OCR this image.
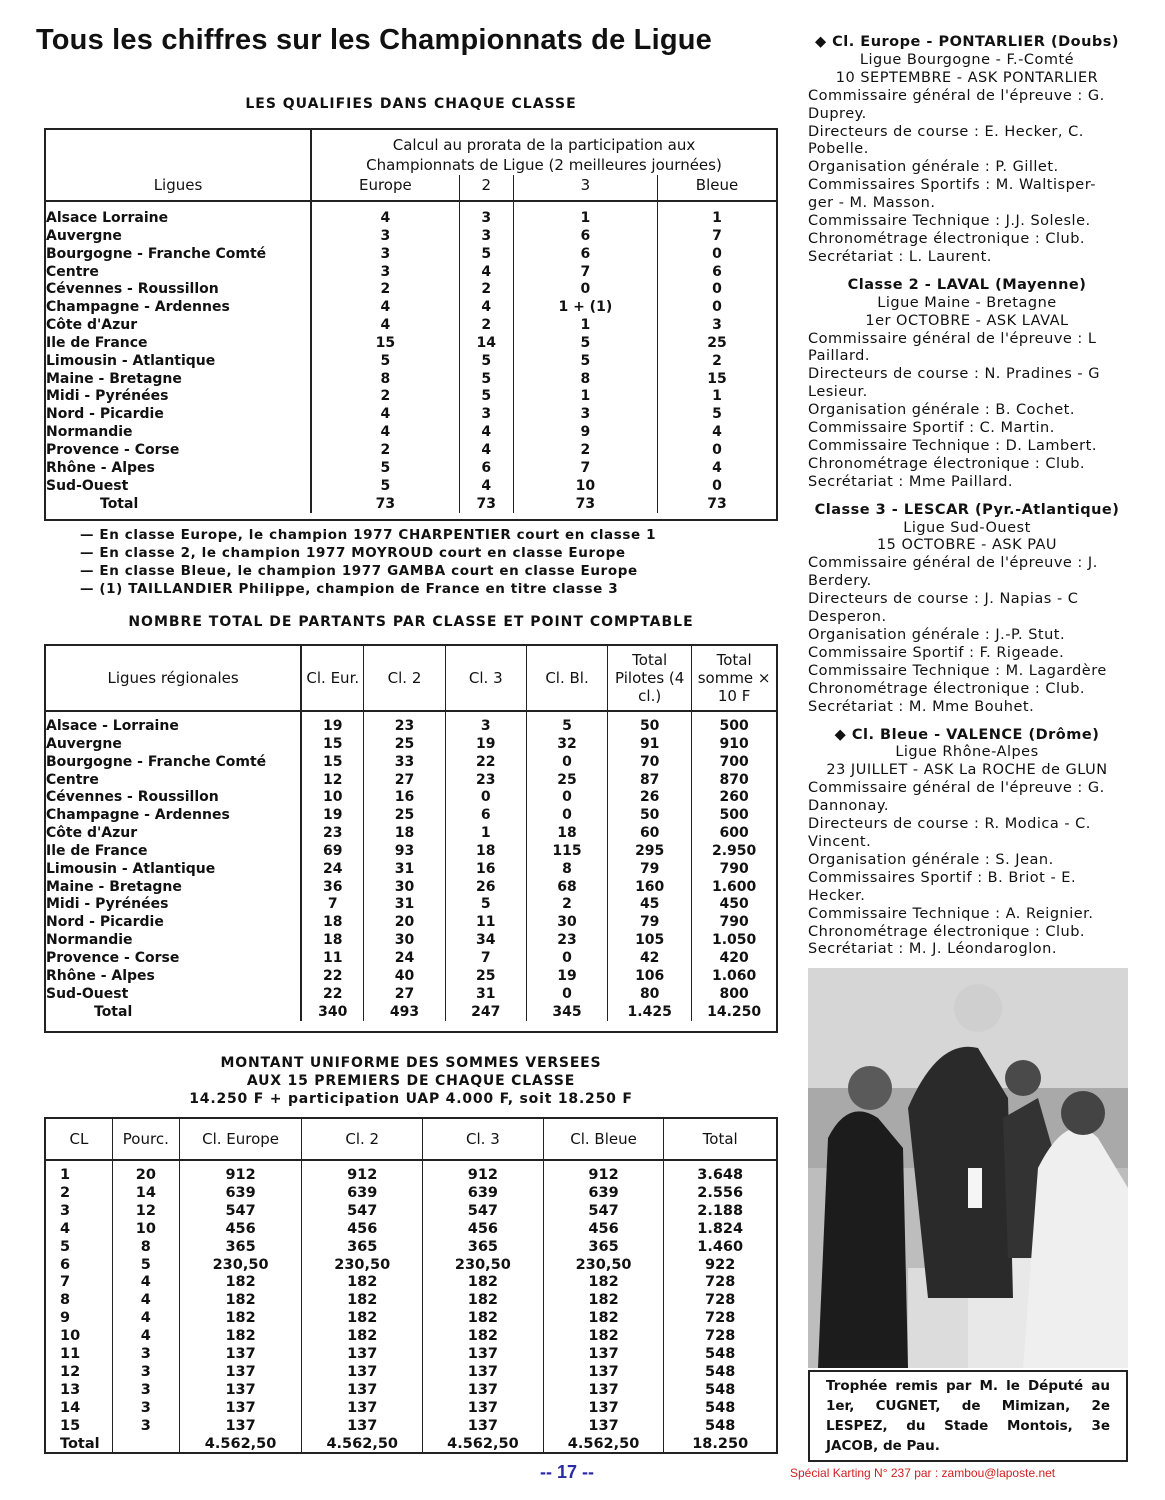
Tous les chiffres sur les Championnats de Ligue
LES QUALIFIES DANS CHAQUE CLASSE
Ligues	Calcul au prorata de la participation aux			
	Championnats de Ligue (2 meilleures journées)			
	Europe	2	3	Bleue
Alsace Lorraine	4	3	1	1
Auvergne	3	3	6	7
Bourgogne - Franche Comté	3	5	6	0
Centre	3	4	7	6
Cévennes - Roussillon	2	2	0	0
Champagne - Ardennes	4	4	1 + (1)	0
Côte d'Azur	4	2	1	3
Ile de France	15	14	5	25
Limousin - Atlantique	5	5	5	2
Maine - Bretagne	8	5	8	15
Midi - Pyrénées	2	5	1	1
Nord - Picardie	4	3	3	5
Normandie	4	4	9	4
Provence - Corse	2	4	2	0
Rhône - Alpes	5	6	7	4
Sud-Ouest	5	4	10	0
Total	73	73	73	73
— En classe Europe, le champion 1977 CHARPENTIER court en classe 1
— En classe 2, le champion 1977 MOYROUD court en classe Europe
— En classe Bleue, le champion 1977 GAMBA court en classe Europe
— (1) TAILLANDIER Philippe, champion de France en titre classe 3
NOMBRE TOTAL DE PARTANTS PAR CLASSE ET POINT COMPTABLE
Ligues régionales	Cl. Eur.	Cl. 2	Cl. 3	Cl. Bl.	Total Pilotes (4 cl.)	Total somme × 10 F
Alsace - Lorraine	19	23	3	5	50	500
Auvergne	15	25	19	32	91	910
Bourgogne - Franche Comté	15	33	22	0	70	700
Centre	12	27	23	25	87	870
Cévennes - Roussillon	10	16	0	0	26	260
Champagne - Ardennes	19	25	6	0	50	500
Côte d'Azur	23	18	1	18	60	600
Ile de France	69	93	18	115	295	2.950
Limousin - Atlantique	24	31	16	8	79	790
Maine - Bretagne	36	30	26	68	160	1.600
Midi - Pyrénées	7	31	5	2	45	450
Nord - Picardie	18	20	11	30	79	790
Normandie	18	30	34	23	105	1.050
Provence - Corse	11	24	7	0	42	420
Rhône - Alpes	22	40	25	19	106	1.060
Sud-Ouest	22	27	31	0	80	800
Total	340	493	247	345	1.425	14.250
MONTANT UNIFORME DES SOMMES VERSEES
AUX 15 PREMIERS DE CHAQUE CLASSE
14.250 F + participation UAP 4.000 F, soit 18.250 F
CL	Pourc.	Cl. Europe	Cl. 2	Cl. 3	Cl. Bleue	Total
1	20	912	912	912	912	3.648
2	14	639	639	639	639	2.556
3	12	547	547	547	547	2.188
4	10	456	456	456	456	1.824
5	8	365	365	365	365	1.460
6	5	230,50	230,50	230,50	230,50	922
7	4	182	182	182	182	728
8	4	182	182	182	182	728
9	4	182	182	182	182	728
10	4	182	182	182	182	728
11	3	137	137	137	137	548
12	3	137	137	137	137	548
13	3	137	137	137	137	548
14	3	137	137	137	137	548
15	3	137	137	137	137	548
Total		4.562,50	4.562,50	4.562,50	4.562,50	18.250
◆ Cl. Europe - PONTARLIER (Doubs)
Ligue Bourgogne - F.-Comté
10 SEPTEMBRE - ASK PONTARLIER
Commissaire général de l'épreuve : G.
Duprey.
Directeurs de course : E. Hecker, C.
Pobelle.
Organisation générale : P. Gillet.
Commissaires Sportifs : M. Waltisper-
ger - M. Masson.
Commissaire Technique : J.J. Solesle.
Chronométrage électronique : Club.
Secrétariat : L. Laurent.
Classe 2 - LAVAL (Mayenne)
Ligue Maine - Bretagne
1er OCTOBRE - ASK LAVAL
Commissaire général de l'épreuve : L
Paillard.
Directeurs de course : N. Pradines - G
Lesieur.
Organisation générale : B. Cochet.
Commissaire Sportif : C. Martin.
Commissaire Technique : D. Lambert.
Chronométrage électronique : Club.
Secrétariat : Mme Paillard.
Classe 3 - LESCAR (Pyr.-Atlantique)
Ligue Sud-Ouest
15 OCTOBRE - ASK PAU
Commissaire général de l'épreuve : J.
Berdery.
Directeurs de course : J. Napias - C
Desperon.
Organisation générale : J.-P. Stut.
Commissaire Sportif : F. Rigeade.
Commissaire Technique : M. Lagardère
Chronométrage électronique : Club.
Secrétariat : M. Mme Bouhet.
◆ Cl. Bleue - VALENCE (Drôme)
Ligue Rhône-Alpes
23 JUILLET - ASK La ROCHE de GLUN
Commissaire général de l'épreuve : G.
Dannonay.
Directeurs de course : R. Modica - C.
Vincent.
Organisation générale : S. Jean.
Commissaires Sportif : B. Briot - E.
Hecker.
Commissaire Technique : A. Reignier.
Chronométrage électronique : Club.
Secrétariat : M. J. Léondaroglon.
Trophée remis par M. le Député au 1er, CUGNET, de Mimizan, 2e LESPEZ, du Stade Montois, 3e JACOB, de Pau.
-- 17 --	Spécial Karting N° 237 par : zambou@laposte.net
